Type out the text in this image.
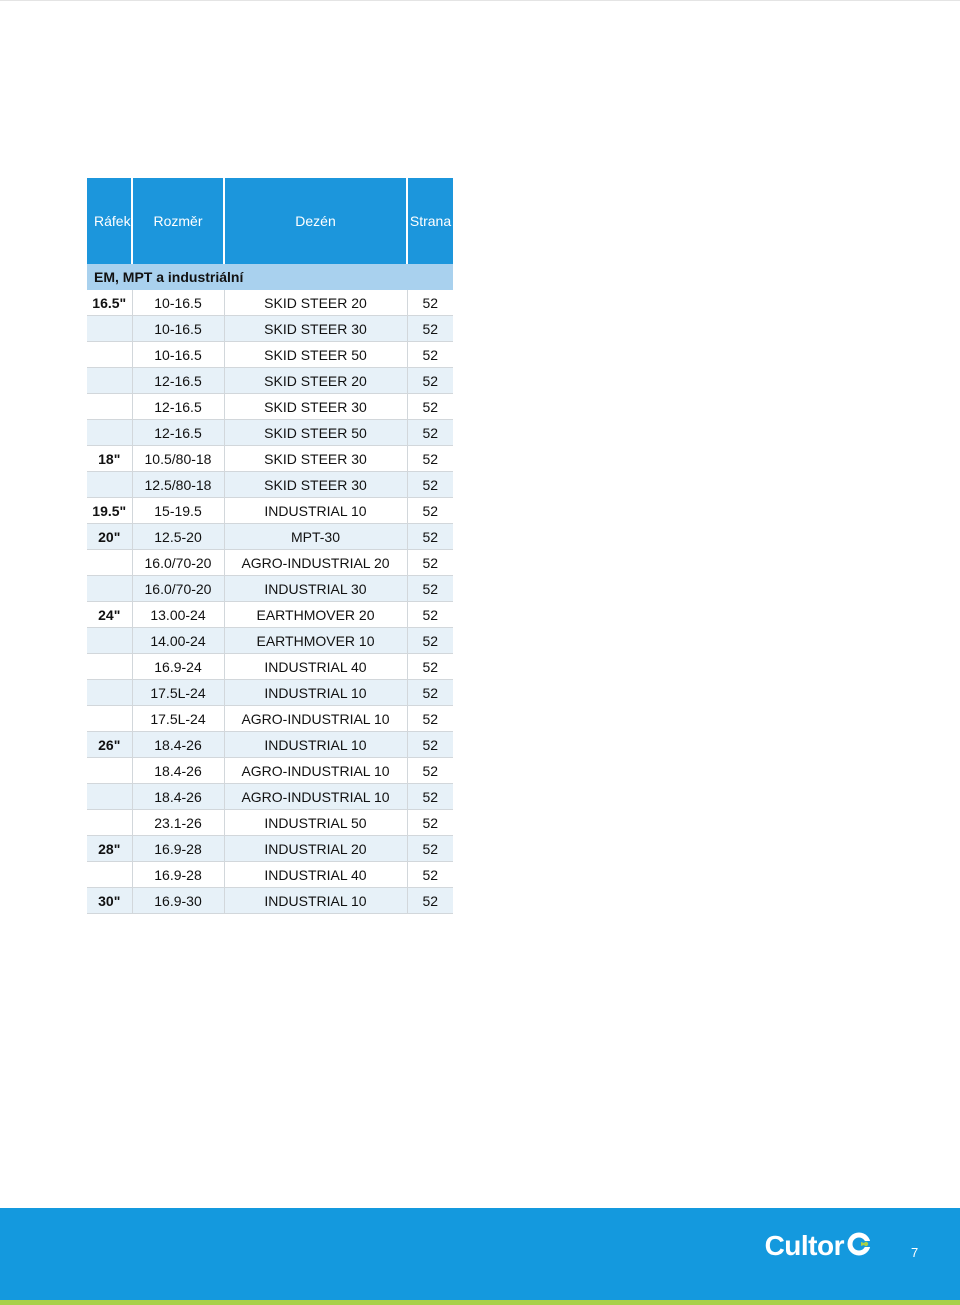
Ráfek	Rozměr	Dezén	Strana
EM, MPT a industriální			
16.5"	10-16.5	SKID STEER 20	52
	10-16.5	SKID STEER 30	52
	10-16.5	SKID STEER 50	52
	12-16.5	SKID STEER 20	52
	12-16.5	SKID STEER 30	52
	12-16.5	SKID STEER 50	52
18"	10.5/80-18	SKID STEER 30	52
	12.5/80-18	SKID STEER 30	52
19.5"	15-19.5	INDUSTRIAL 10	52
20"	12.5-20	MPT-30	52
	16.0/70-20	AGRO-INDUSTRIAL 20	52
	16.0/70-20	INDUSTRIAL 30	52
24"	13.00-24	EARTHMOVER 20	52
	14.00-24	EARTHMOVER 10	52
	16.9-24	INDUSTRIAL 40	52
	17.5L-24	INDUSTRIAL 10	52
	17.5L-24	AGRO-INDUSTRIAL 10	52
26"	18.4-26	INDUSTRIAL 10	52
	18.4-26	AGRO-INDUSTRIAL 10	52
	18.4-26	AGRO-INDUSTRIAL 10	52
	23.1-26	INDUSTRIAL 50	52
28"	16.9-28	INDUSTRIAL 20	52
	16.9-28	INDUSTRIAL 40	52
30"	16.9-30	INDUSTRIAL 10	52
Cultor	7
